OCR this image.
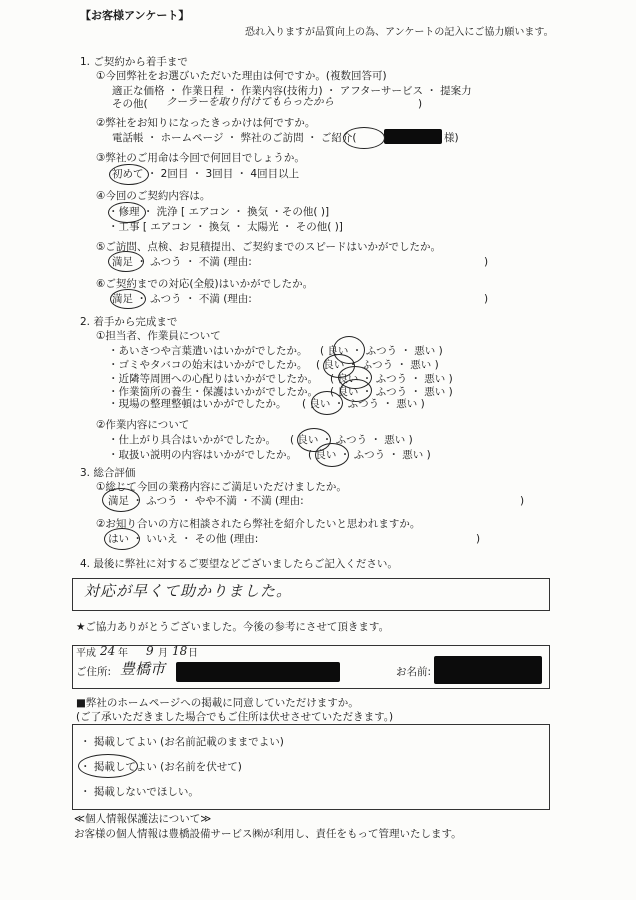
【お客様アンケート】
恐れ入りますが品質向上の為、アンケートの記入にご協力願います。
1. ご契約から着手まで
①今回弊社をお選びいただいた理由は何ですか。(複数回答可)
適正な価格 ・ 作業日程 ・ 作業内容(技術力) ・ アフターサービス ・ 提案力
その他( クーラーを取り付けてもらったから	)
②弊社をお知りになったきっかけは何ですか。
電話帳 ・ ホームページ ・ 弊社のご訪問 ・ ご紹介(	様)
③弊社のご用命は今回で何回目でしょうか。
初めて ・ 2回目 ・ 3回目 ・ 4回目以上
④今回のご契約内容は。
・修理 ・ 洗浄 [ エアコン ・ 換気 ・その他( )]
・工事 [ エアコン ・ 換気 ・ 太陽光 ・ その他( )]
⑤ご訪問、点検、お見積提出、ご契約までのスピードはいかがでしたか。
満足 ・ ふつう ・ 不満 (理由:	)
⑥ご契約までの対応(全般)はいかがでしたか。
満足 ・ ふつう ・ 不満 (理由:	)
2. 着手から完成まで
①担当者、作業員について
・あいさつや言葉遣いはいかがでしたか。 ( 良い ・ ふつう ・ 悪い )
・ゴミやタバコの始末はいかがでしたか。 ( 良い ・ ふつう ・ 悪い )
・近隣等周囲への心配りはいかがでしたか。 ( 良い ・ ふつう ・ 悪い )
・作業箇所の養生・保護はいかがでしたか。 ( 良い ・ ふつう ・ 悪い )
・現場の整理整頓はいかがでしたか。 ( 良い ・ ふつう ・ 悪い )
②作業内容について
・仕上がり具合はいかがでしたか。 ( 良い ・ ふつう ・ 悪い )
・取扱い説明の内容はいかがでしたか。 ( 良い ・ ふつう ・ 悪い )
3. 総合評価
①総じて今回の業務内容にご満足いただけましたか。
満足 ・ ふつう ・ やや不満 ・不満 (理由:	)
②お知り合いの方に相談されたら弊社を紹介したいと思われますか。
はい ・ いいえ ・ その他 (理由:	)
4. 最後に弊社に対するご要望などございましたらご記入ください。
対応が早くて助かりました。
★ご協力ありがとうございました。今後の参考にさせて頂きます。
平成 24 年 9 月 18 日
ご住所: 豊橋市	お名前:
■弊社のホームページへの掲載に同意していただけますか。
(ご了承いただきました場合でもご住所は伏せさせていただきます。)
・ 掲載してよい (お名前記載のままでよい)
・ 掲載してよい (お名前を伏せて)
・ 掲載しないでほしい。
≪個人情報保護法について≫
お客様の個人情報は豊橋設備サービス㈱が利用し、責任をもって管理いたします。
